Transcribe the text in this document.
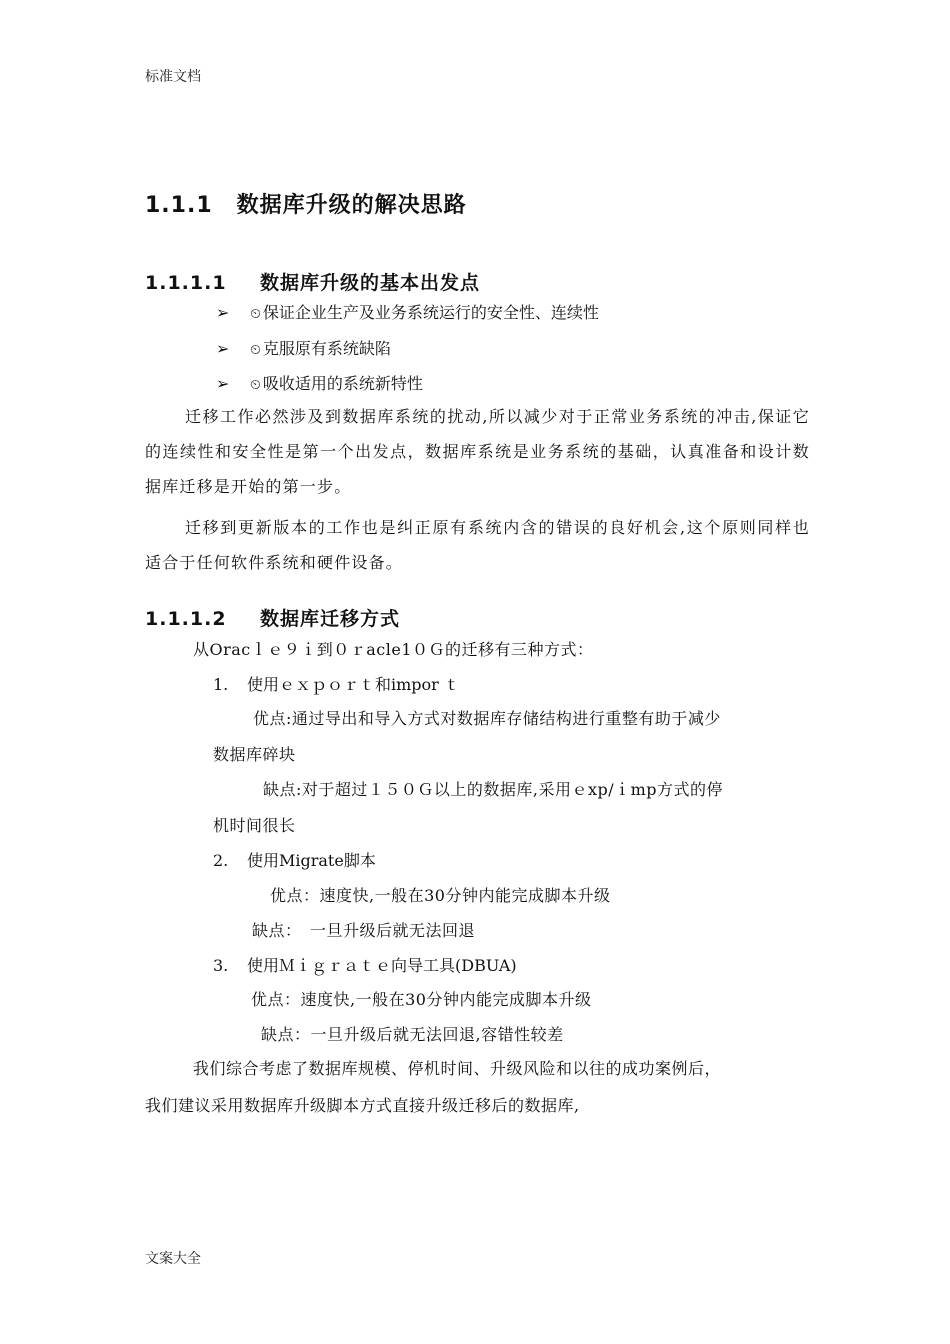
标准文档
1.1.1 数据库升级的解决思路
1.1.1.1 数据库升级的基本出发点
➢ ⏲ 保证企业生产及业务系统运行的安全性、连续性
➢ ⏲ 克服原有系统缺陷
➢ ⏲ 吸收适用的系统新特性
迁移工作必然涉及到数据库系统的扰动,所以减少对于正常业务系统的冲击,保证它的连续性和安全性是第一个出发点，数据库系统是业务系统的基础，认真准备和设计数据库迁移是开始的第一步。
迁移到更新版本的工作也是纠正原有系统内含的错误的良好机会,这个原则同样也适合于任何软件系统和硬件设备。
1.1.1.2 数据库迁移方式
从Oracｌｅ９ｉ到０ｒacle1０Ｇ的迁移有三种方式：
1. 使用ｅｘｐｏｒｔ和impor ｔ
优点:通过导出和导入方式对数据库存储结构进行重整有助于减少
数据库碎块
缺点:对于超过１５０Ｇ以上的数据库,采用ｅxp/ｉmp方式的停
机时间很长
2. 使用Migrate脚本
优点：速度快,一般在30分钟内能完成脚本升级
缺点：　一旦升级后就无法回退
3. 使用Ｍｉｇｒａｔｅ向导工具(DBUA)
优点：速度快,一般在30分钟内能完成脚本升级
缺点：一旦升级后就无法回退,容错性较差
我们综合考虑了数据库规模、停机时间、升级风险和以往的成功案例后，
我们建议采用数据库升级脚本方式直接升级迁移后的数据库,
文案大全
